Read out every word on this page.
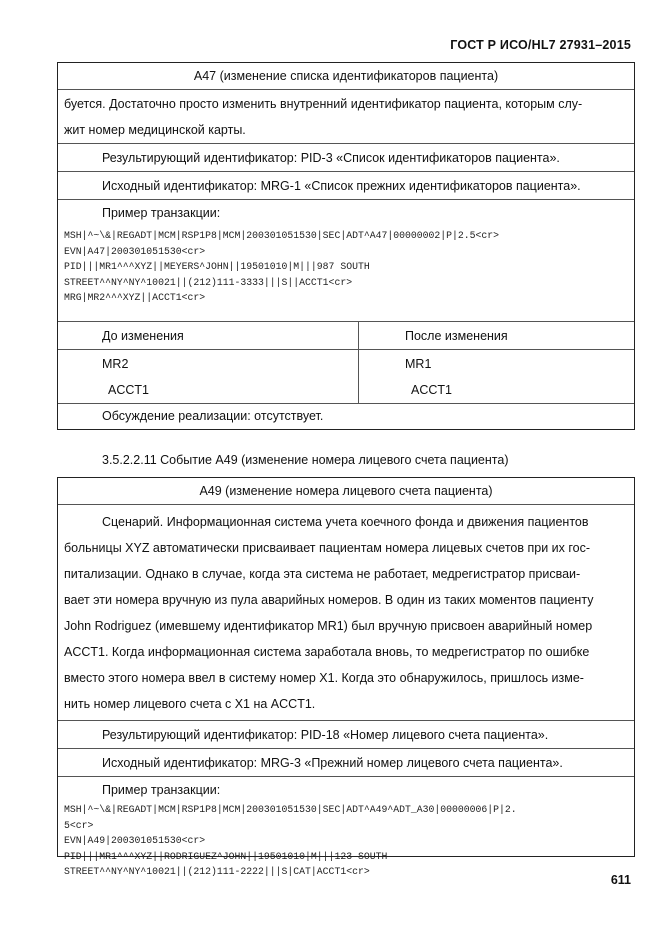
ГОСТ Р ИСО/HL7 27931–2015
A47 (изменение списка идентификаторов пациента)
буется. Достаточно просто изменить внутренний идентификатор пациента, которым слу-
жит номер медицинской карты.
Результирующий идентификатор: PID-3 «Список идентификаторов пациента».
Исходный идентификатор: MRG-1 «Список прежних идентификаторов пациента».
Пример транзакции:
MSH|^~\&|REGADT|MCM|RSP1P8|MCM|200301051530|SEC|ADT^A47|00000002|P|2.5<cr>
EVN|A47|200301051530<cr>
PID|||MR1^^^XYZ||MEYERS^JOHN||19501010|M|||987 SOUTH
STREET^^NY^NY^10021||(212)111-3333|||S||ACCT1<cr>
MRG|MR2^^^XYZ||ACCT1<cr>
До изменения	После изменения
MR2
ACCT1
MR1
ACCT1
Обсуждение реализации: отсутствует.
3.5.2.2.11 Событие A49 (изменение номера лицевого счета пациента)
A49 (изменение номера лицевого счета пациента)
Сценарий. Информационная система учета коечного фонда и движения пациентов
больницы XYZ автоматически присваивает пациентам номера лицевых счетов при их гос-
питализации. Однако в случае, когда эта система не работает, медрегистратор присваи-
вает эти номера вручную из пула аварийных номеров. В один из таких моментов пациенту
John Rodriguez (имевшему идентификатор MR1) был вручную присвоен аварийный номер
ACCT1. Когда информационная система заработала вновь, то медрегистратор по ошибке
вместо этого номера ввел в систему номер X1. Когда это обнаружилось, пришлось изме-
нить номер лицевого счета с X1 на ACCT1.
Результирующий идентификатор: PID-18 «Номер лицевого счета пациента».
Исходный идентификатор: MRG-3 «Прежний номер лицевого счета пациента».
Пример транзакции:
MSH|^~\&|REGADT|MCM|RSP1P8|MCM|200301051530|SEC|ADT^A49^ADT_A30|00000006|P|2.
5<cr>
EVN|A49|200301051530<cr>
PID|||MR1^^^XYZ||RODRIGUEZ^JOHN||19501010|M|||123 SOUTH
STREET^^NY^NY^10021||(212)111-2222|||S|CAT|ACCT1<cr>
611
